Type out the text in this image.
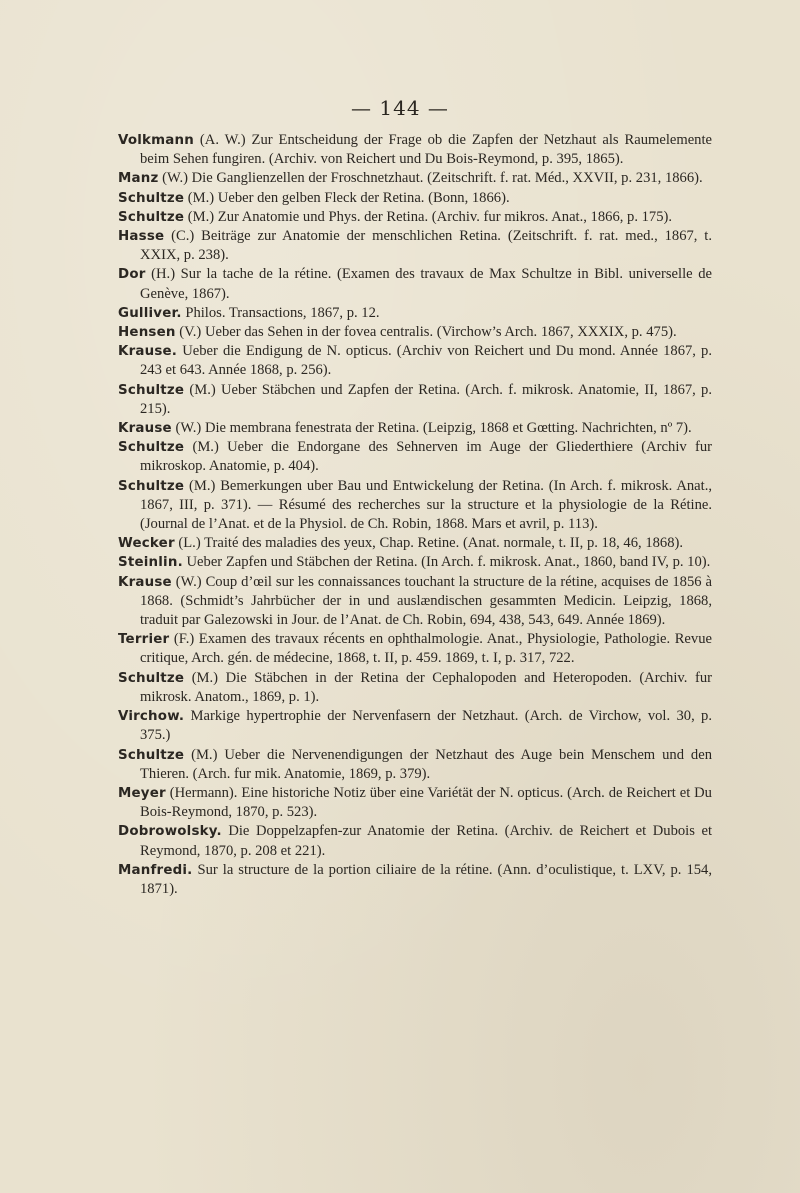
— 144 —

Volkmann (A. W.) Zur Entscheidung der Frage ob die Zapfen der Netzhaut als Raumelemente beim Sehen fungiren. (Archiv. von Reichert und Du Bois-Reymond, p. 395, 1865).

Manz (W.) Die Ganglienzellen der Froschnetzhaut. (Zeitschrift. f. rat. Méd., XXVII, p. 231, 1866).

Schultze (M.) Ueber den gelben Fleck der Retina. (Bonn, 1866).

Schultze (M.) Zur Anatomie und Phys. der Retina. (Archiv. fur mikros. Anat., 1866, p. 175).

Hasse (C.) Beiträge zur Anatomie der menschlichen Retina. (Zeitschrift. f. rat. med., 1867, t. XXIX, p. 238).

Dor (H.) Sur la tache de la rétine. (Examen des travaux de Max Schultze in Bibl. universelle de Genève, 1867).

Gulliver. Philos. Transactions, 1867, p. 12.

Hensen (V.) Ueber das Sehen in der fovea centralis. (Virchow’s Arch. 1867, XXXIX, p. 475).

Krause. Ueber die Endigung de N. opticus. (Archiv von Reichert und Du mond. Année 1867, p. 243 et 643. Année 1868, p. 256).

Schultze (M.) Ueber Stäbchen und Zapfen der Retina. (Arch. f. mikrosk. Anatomie, II, 1867, p. 215).

Krause (W.) Die membrana fenestrata der Retina. (Leipzig, 1868 et Gœtting. Nachrichten, nº 7).

Schultze (M.) Ueber die Endorgane des Sehnerven im Auge der Gliederthiere (Archiv fur mikroskop. Anatomie, p. 404).

Schultze (M.) Bemerkungen uber Bau und Entwickelung der Retina. (In Arch. f. mikrosk. Anat., 1867, III, p. 371). — Résumé des recherches sur la structure et la physiologie de la Rétine. (Journal de l’Anat. et de la Physiol. de Ch. Robin, 1868. Mars et avril, p. 113).

Wecker (L.) Traité des maladies des yeux, Chap. Retine. (Anat. normale, t. II, p. 18, 46, 1868).

Steinlin. Ueber Zapfen und Stäbchen der Retina. (In Arch. f. mikrosk. Anat., 1860, band IV, p. 10).

Krause (W.) Coup d’œil sur les connaissances touchant la structure de la rétine, acquises de 1856 à 1868. (Schmidt’s Jahrbücher der in und auslændischen gesammten Medicin. Leipzig, 1868, traduit par Galezowski in Jour. de l’Anat. de Ch. Robin, 694, 438, 543, 649. Année 1869).

Terrier (F.) Examen des travaux récents en ophthalmologie. Anat., Physiologie, Pathologie. Revue critique, Arch. gén. de médecine, 1868, t. II, p. 459. 1869, t. I, p. 317, 722.

Schultze (M.) Die Stäbchen in der Retina der Cephalopoden and Heteropoden. (Archiv. fur mikrosk. Anatom., 1869, p. 1).

Virchow. Markige hypertrophie der Nervenfasern der Netzhaut. (Arch. de Virchow, vol. 30, p. 375.)

Schultze (M.) Ueber die Nervenendigungen der Netzhaut des Auge bein Menschem und den Thieren. (Arch. fur mik. Anatomie, 1869, p. 379).

Meyer (Hermann). Eine historiche Notiz über eine Variétät der N. opticus. (Arch. de Reichert et Du Bois-Reymond, 1870, p. 523).

Dobrowolsky. Die Doppelzapfen-zur Anatomie der Retina. (Archiv. de Reichert et Dubois et Reymond, 1870, p. 208 et 221).

Manfredi. Sur la structure de la portion ciliaire de la rétine. (Ann. d’oculistique, t. LXV, p. 154, 1871).
